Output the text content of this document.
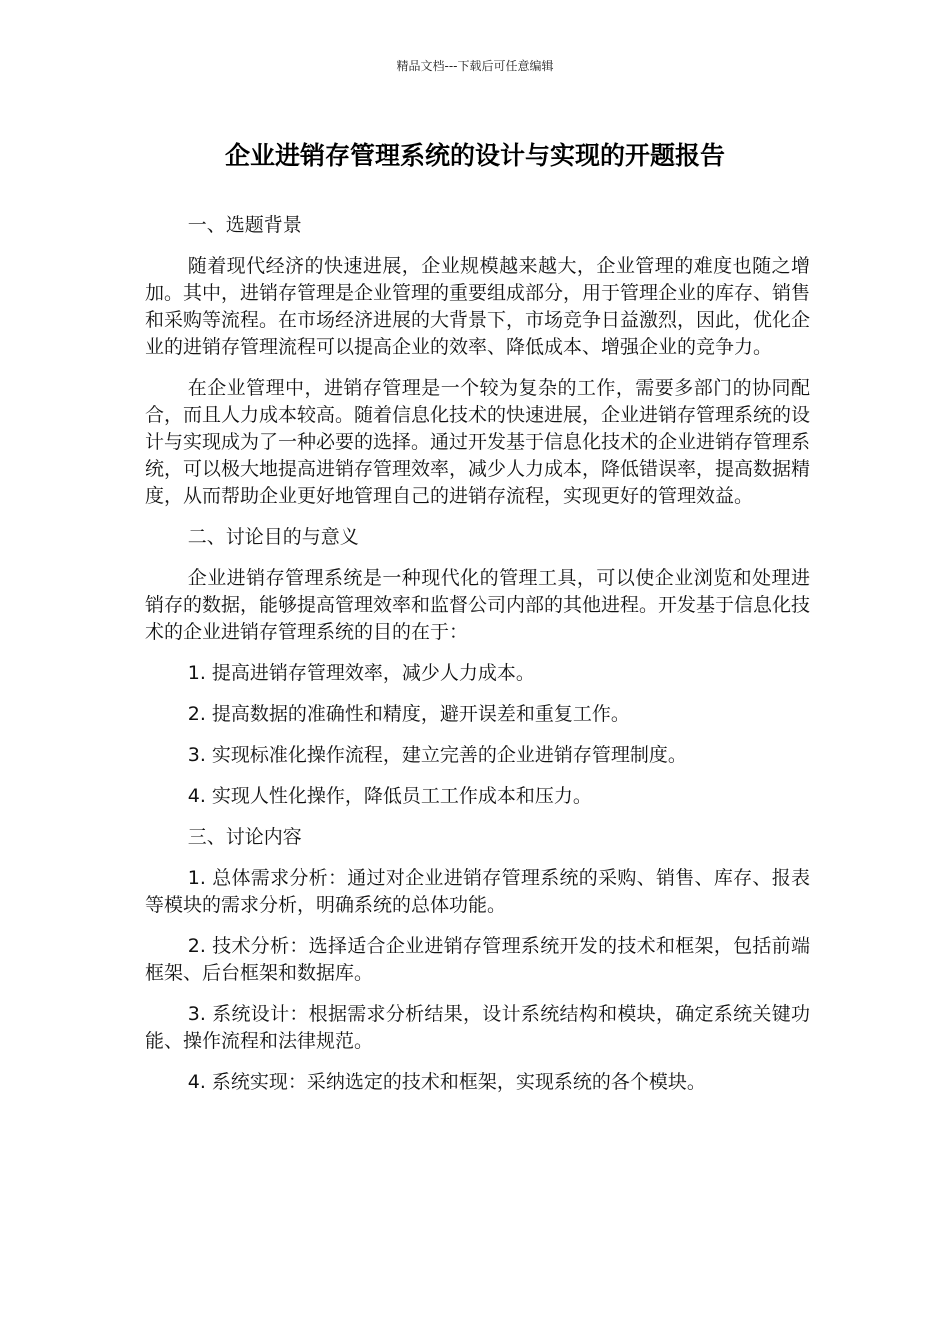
精品文档---下载后可任意编辑
企业进销存管理系统的设计与实现的开题报告

一、选题背景

随着现代经济的快速进展，企业规模越来越大，企业管理的难度也随之增加。其中，进销存管理是企业管理的重要组成部分，用于管理企业的库存、销售和采购等流程。在市场经济进展的大背景下，市场竞争日益激烈，因此，优化企业的进销存管理流程可以提高企业的效率、降低成本、增强企业的竞争力。

在企业管理中，进销存管理是一个较为复杂的工作，需要多部门的协同配合，而且人力成本较高。随着信息化技术的快速进展，企业进销存管理系统的设计与实现成为了一种必要的选择。通过开发基于信息化技术的企业进销存管理系统，可以极大地提高进销存管理效率，减少人力成本，降低错误率，提高数据精度，从而帮助企业更好地管理自己的进销存流程，实现更好的管理效益。

二、讨论目的与意义

企业进销存管理系统是一种现代化的管理工具，可以使企业浏览和处理进销存的数据，能够提高管理效率和监督公司内部的其他进程。开发基于信息化技术的企业进销存管理系统的目的在于：

1. 提高进销存管理效率，减少人力成本。

2. 提高数据的准确性和精度，避开误差和重复工作。

3. 实现标准化操作流程，建立完善的企业进销存管理制度。

4. 实现人性化操作，降低员工工作成本和压力。

三、讨论内容

1. 总体需求分析：通过对企业进销存管理系统的采购、销售、库存、报表等模块的需求分析，明确系统的总体功能。

2. 技术分析：选择适合企业进销存管理系统开发的技术和框架，包括前端框架、后台框架和数据库。

3. 系统设计：根据需求分析结果，设计系统结构和模块，确定系统关键功能、操作流程和法律规范。

4. 系统实现：采纳选定的技术和框架，实现系统的各个模块。
